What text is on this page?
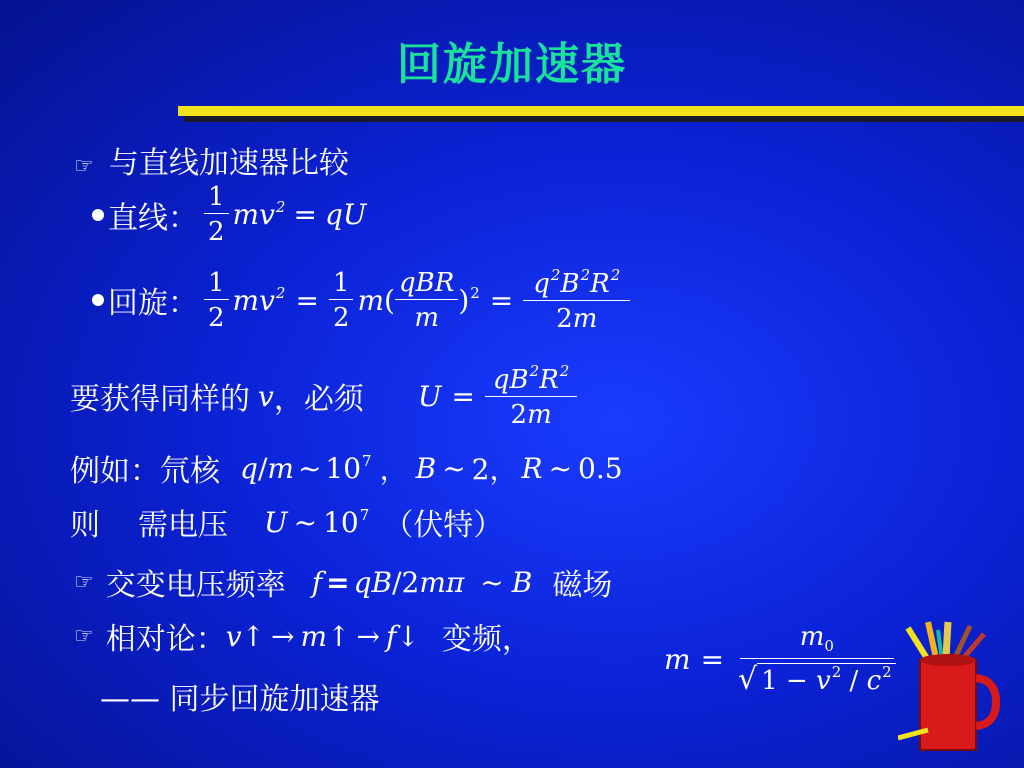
回旋加速器
☞ 与直线加速器比较
直线： $\frac{1}{2} mv^2$ = qU
回旋： $\frac{1}{2} mv^2 = \frac{1}{2}$ m ( $\frac{\text{qBR}}{m} )^2 = \frac{q^2B^2R^2}{2m}$
要获得同样的 v ，必须 $U = \frac{qB^2R^2}{2m}$
例如：氘核 q ∕ m ~ $10^7$ ， B ~ 2， R ~ 0.5
则 需电压 U ~ $10^7$ （伏特）
☞ 交变电压频率 f = qB ∕ 2 mπ ~ B 磁场
☞ 相对论： v ↑ → m ↑ → f ↓ 变频，
$m = \frac{m_0}{√ 1 - v^2 / c^2}$
—— 同步回旋加速器
